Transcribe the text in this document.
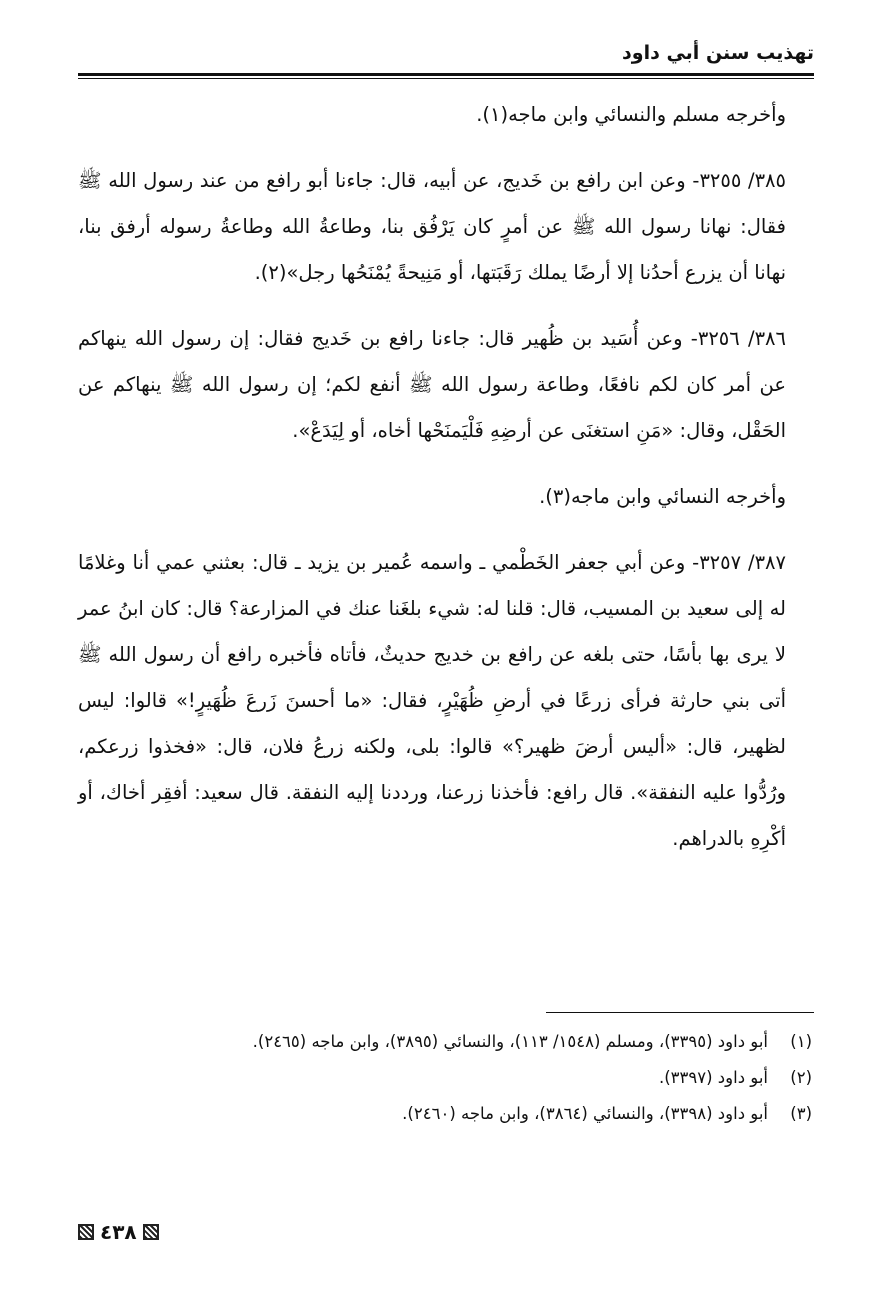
تهذيب سنن أبي داود

وأخرجه مسلم والنسائي وابن ماجه(١).

٣٨٥/ ٣٢٥٥- وعن ابن رافع بن خَديج، عن أبيه، قال: جاءنا أبو رافع من عند رسول الله ﷺ فقال: نهانا رسول الله ﷺ عن أمرٍ كان يَرْفُق بنا، وطاعةُ الله وطاعةُ رسوله أرفق بنا، نهانا أن يزرع أحدُنا إلا أرضًا يملك رَقَبَتها، أو مَنِيحةً يُمْنَحُها رجل»(٢).

٣٨٦/ ٣٢٥٦- وعن أُسَيد بن ظُهير قال: جاءنا رافع بن خَديج فقال: إن رسول الله ينهاكم عن أمر كان لكم نافعًا، وطاعة رسول الله ﷺ أنفع لكم؛ إن رسول الله ﷺ ينهاكم عن الحَقْل، وقال: «مَنِ استغنَى عن أرضِهِ فَلْيَمنَحْها أخاه، أو لِيَدَعْ».

وأخرجه النسائي وابن ماجه(٣).

٣٨٧/ ٣٢٥٧- وعن أبي جعفر الخَطْمي ـ واسمه عُمير بن يزيد ـ قال: بعثني عمي أنا وغلامًا له إلى سعيد بن المسيب، قال: قلنا له: شيء بلغَنا عنك في المزارعة؟ قال: كان ابنُ عمر لا يرى بها بأسًا، حتى بلغه عن رافع بن خديج حديثٌ، فأتاه فأخبره رافع أن رسول الله ﷺ أتى بني حارثة فرأى زرعًا في أرضِ ظُهَيْرٍ، فقال: «ما أحسنَ زَرعَ ظُهَيرٍ!» قالوا: ليس لظهير، قال: «أليس أرضَ ظهير؟» قالوا: بلى، ولكنه زرعُ فلان، قال: «فخذوا زرعكم، ورُدُّوا عليه النفقة». قال رافع: فأخذنا زرعنا، ورددنا إليه النفقة. قال سعيد: أفقِر أخاك، أو أكْرِهِ بالدراهم.

(١)
أبو داود (٣٣٩٥)، ومسلم (١٥٤٨/ ١١٣)، والنسائي (٣٨٩٥)، وابن ماجه (٢٤٦٥).
(٢)
أبو داود (٣٣٩٧).
(٣)
أبو داود (٣٣٩٨)، والنسائي (٣٨٦٤)، وابن ماجه (٢٤٦٠).
٤٣٨
